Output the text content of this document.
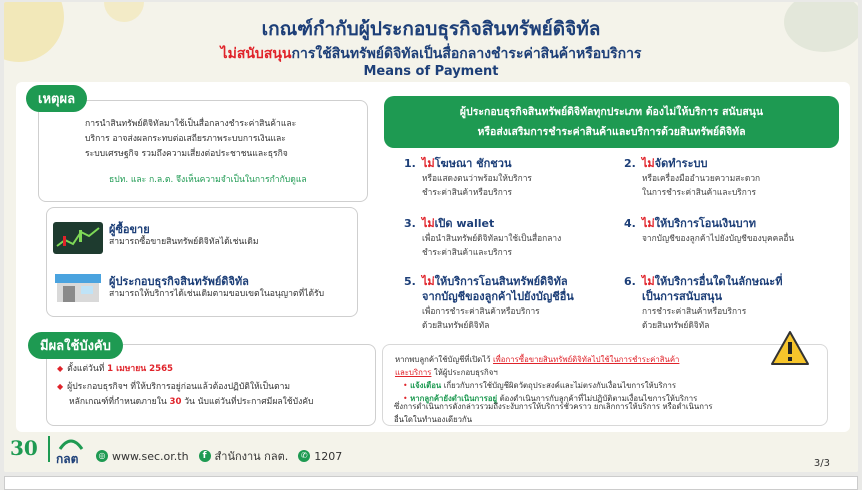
เกณฑ์กำกับผู้ประกอบธุรกิจสินทรัพย์ดิจิทัล
ไม่สนับสนุนการใช้สินทรัพย์ดิจิทัลเป็นสื่อกลางชำระค่าสินค้าหรือบริการ
Means of Payment
การนำสินทรัพย์ดิจิทัลมาใช้เป็นสื่อกลางชำระค่าสินค้าและ
บริการ อาจส่งผลกระทบต่อเสถียรภาพระบบการเงินและ
ระบบเศรษฐกิจ รวมถึงความเสี่ยงต่อประชาชนและธุรกิจ
ธปท. และ ก.ล.ต. จึงเห็นความจำเป็นในการกำกับดูแล
เหตุผล
ผู้ซื้อขาย
สามารถซื้อขายสินทรัพย์ดิจิทัลได้เช่นเดิม
ผู้ประกอบธุรกิจสินทรัพย์ดิจิทัล
สามารถให้บริการได้เช่นเดิมตามขอบเขตในอนุญาตที่ได้รับ
◆ ตั้งแต่วันที่ 1 เมษายน 2565
◆ ผู้ประกอบธุรกิจฯ ที่ให้บริการอยู่ก่อนแล้วต้องปฏิบัติให้เป็นตาม
หลักเกณฑ์ที่กำหนดภายใน 30 วัน นับแต่วันที่ประกาศมีผลใช้บังคับ
มีผลใช้บังคับ
ผู้ประกอบธุรกิจสินทรัพย์ดิจิทัลทุกประเภท ต้องไม่ให้บริการ สนับสนุน
หรือส่งเสริมการชำระค่าสินค้าและบริการด้วยสินทรัพย์ดิจิทัล
1. ไม่โฆษณา ชักชวน
หรือแสดงตนว่าพร้อมให้บริการ
ชำระค่าสินค้าหรือบริการ
2. ไม่จัดทำระบบ
หรือเครื่องมืออำนวยความสะดวก
ในการชำระค่าสินค้าและบริการ
3. ไม่เปิด wallet
เพื่อนำสินทรัพย์ดิจิทัลมาใช้เป็นสื่อกลาง
ชำระค่าสินค้าและบริการ
4. ไม่ให้บริการโอนเงินบาท
จากบัญชีของลูกค้าไปยังบัญชีของบุคคลอื่น
5. ไม่ให้บริการโอนสินทรัพย์ดิจิทัล
จากบัญชีของลูกค้าไปยังบัญชีอื่น
เพื่อการชำระค่าสินค้าหรือบริการ
ด้วยสินทรัพย์ดิจิทัล
6. ไม่ให้บริการอื่นใดในลักษณะที่
เป็นการสนับสนุน
การชำระค่าสินค้าหรือบริการ
ด้วยสินทรัพย์ดิจิทัล
หากพบลูกค้าใช้บัญชีที่เปิดไว้ เพื่อการซื้อขายสินทรัพย์ดิจิทัลไปใช้ในการชำระค่าสินค้า
และบริการ ให้ผู้ประกอบธุรกิจฯ
• แจ้งเตือน เกี่ยวกับการใช้บัญชีผิดวัตถุประสงค์และไม่ตรงกับเงื่อนไขการให้บริการ
• หากลูกค้ายังดำเนินการอยู่ ต้องดำเนินการกับลูกค้าที่ไม่ปฏิบัติตามเงื่อนไขการให้บริการ
ซึ่งการดำเนินการดังกล่าวรวมถึงระงับการให้บริการชั่วคราว ยกเลิกการให้บริการ หรือดำเนินการ
อื่นใดในทำนองเดียวกัน
30 กลต	◎ www.sec.or.th	f สำนักงาน กลต.	✆ 1207
3/3
